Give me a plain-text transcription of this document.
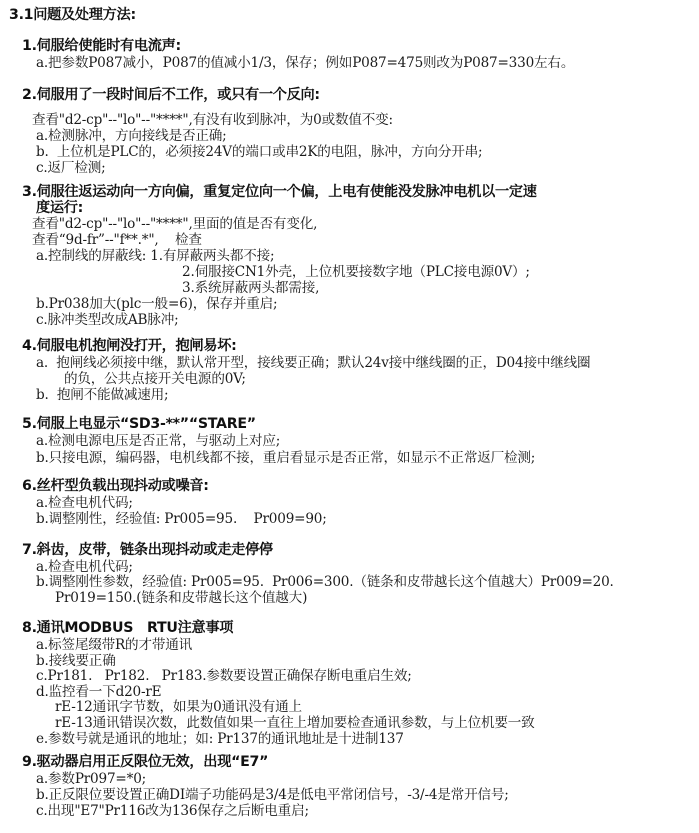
3.1问题及处理方法:
1.伺服给使能时有电流声:
a.把参数P087减小，P087的值减小1/3，保存；例如P087=475则改为P087=330左右。
2.伺服用了一段时间后不工作，或只有一个反向:
查看"d2-cp"--"lo"--"****",有没有收到脉冲，为0或数值不变:
a.检测脉冲，方向接线是否正确;
b.  上位机是PLC的，必须接24V的端口或串2K的电阻，脉冲，方向分开串;
c.返厂检测;
3.伺服往返运动向一方向偏，重复定位向一个偏，上电有使能没发脉冲电机以一定速
度运行:
查看"d2-cp"--"lo"--"****",里面的值是否有变化,
查看“9d-fr”--"f**.*",    检查
a.控制线的屏蔽线: 1.有屏蔽两头都不接;
2.伺服接CN1外壳，上位机要接数字地（PLC接电源0V）;
3.系统屏蔽两头都需接,
b.Pr038加大(plc一般=6)，保存并重启;
c.脉冲类型改成AB脉冲;
4.伺服电机抱闸没打开，抱闸易坏:
a.  抱闸线必须接中继，默认常开型，接线要正确；默认24v接中继线圈的正，D04接中继线圈
的负，公共点接开关电源的0V;
b.  抱闸不能做减速用;
5.伺服上电显示“SD3-**”“STARE”
a.检测电源电压是否正常，与驱动上对应;
b.只接电源，编码器，电机线都不接，重启看显示是否正常，如显示不正常返厂检测;
6.丝杆型负载出现抖动或噪音:
a.检查电机代码;
b.调整刚性，经验值: Pr005=95.    Pr009=90;
7.斜齿，皮带，链条出现抖动或走走停停
a.检查电机代码;
b.调整刚性参数，经验值: Pr005=95.  Pr006=300.（链条和皮带越长这个值越大）Pr009=20.
Pr019=150.(链条和皮带越长这个值越大)
8.通讯MODBUS   RTU注意事项
a.标签尾缀带R的才带通讯
b.接线要正确
c.Pr181.   Pr182.   Pr183.参数要设置正确保存断电重启生效;
d.监控看一下d20-rE
rE-12通讯字节数，如果为0通讯没有通上
rE-13通讯错误次数，此数值如果一直往上增加要检查通讯参数，与上位机要一致
e.参数号就是通讯的地址；如: Pr137的通讯地址是十进制137
9.驱动器启用正反限位无效，出现“E7”
a.参数Pr097=*0;
b.正反限位要设置正确DI端子功能码是3/4是低电平常闭信号，-3/-4是常开信号;
c.出现"E7"Pr116改为136保存之后断电重启;
